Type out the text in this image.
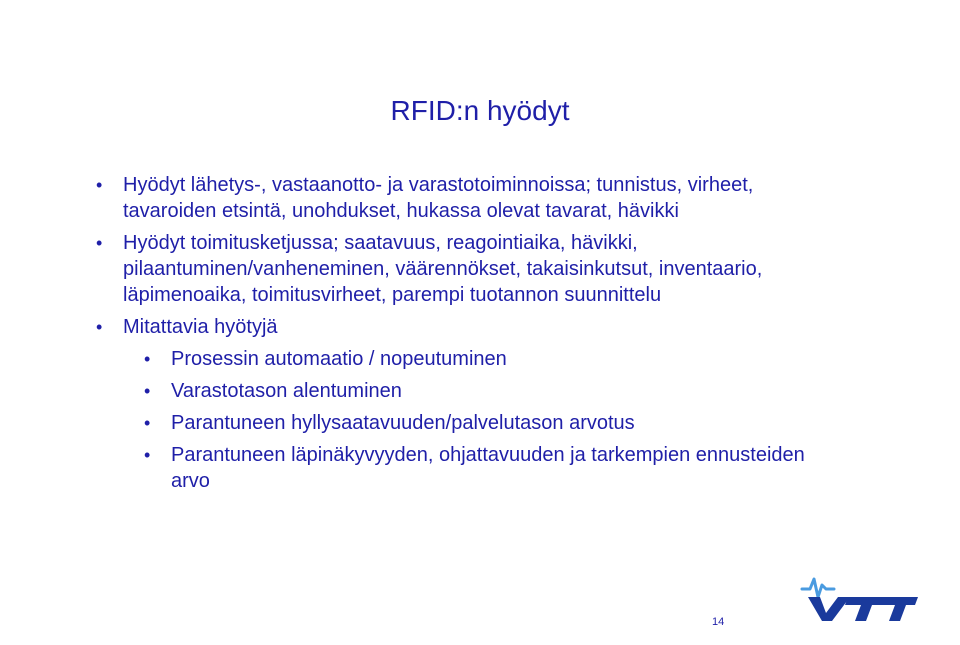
RFID:n hyödyt
• Hyödyt lähetys-, vastaanotto- ja varastotoiminnoissa; tunnistus, virheet, tavaroiden etsintä, unohdukset, hukassa olevat tavarat, hävikki
• Hyödyt toimitusketjussa; saatavuus, reagointiaika, hävikki, pilaantuminen/vanheneminen, väärennökset, takaisinkutsut, inventaario, läpimenoaika, toimitusvirheet, parempi tuotannon suunnittelu
• Mitattavia hyötyjä
• Prosessin automaatio / nopeutuminen
• Varastotason alentuminen
• Parantuneen hyllysaatavuuden/palvelutason arvotus
• Parantuneen läpinäkyvyyden, ohjattavuuden ja tarkempien ennusteiden arvo
14
